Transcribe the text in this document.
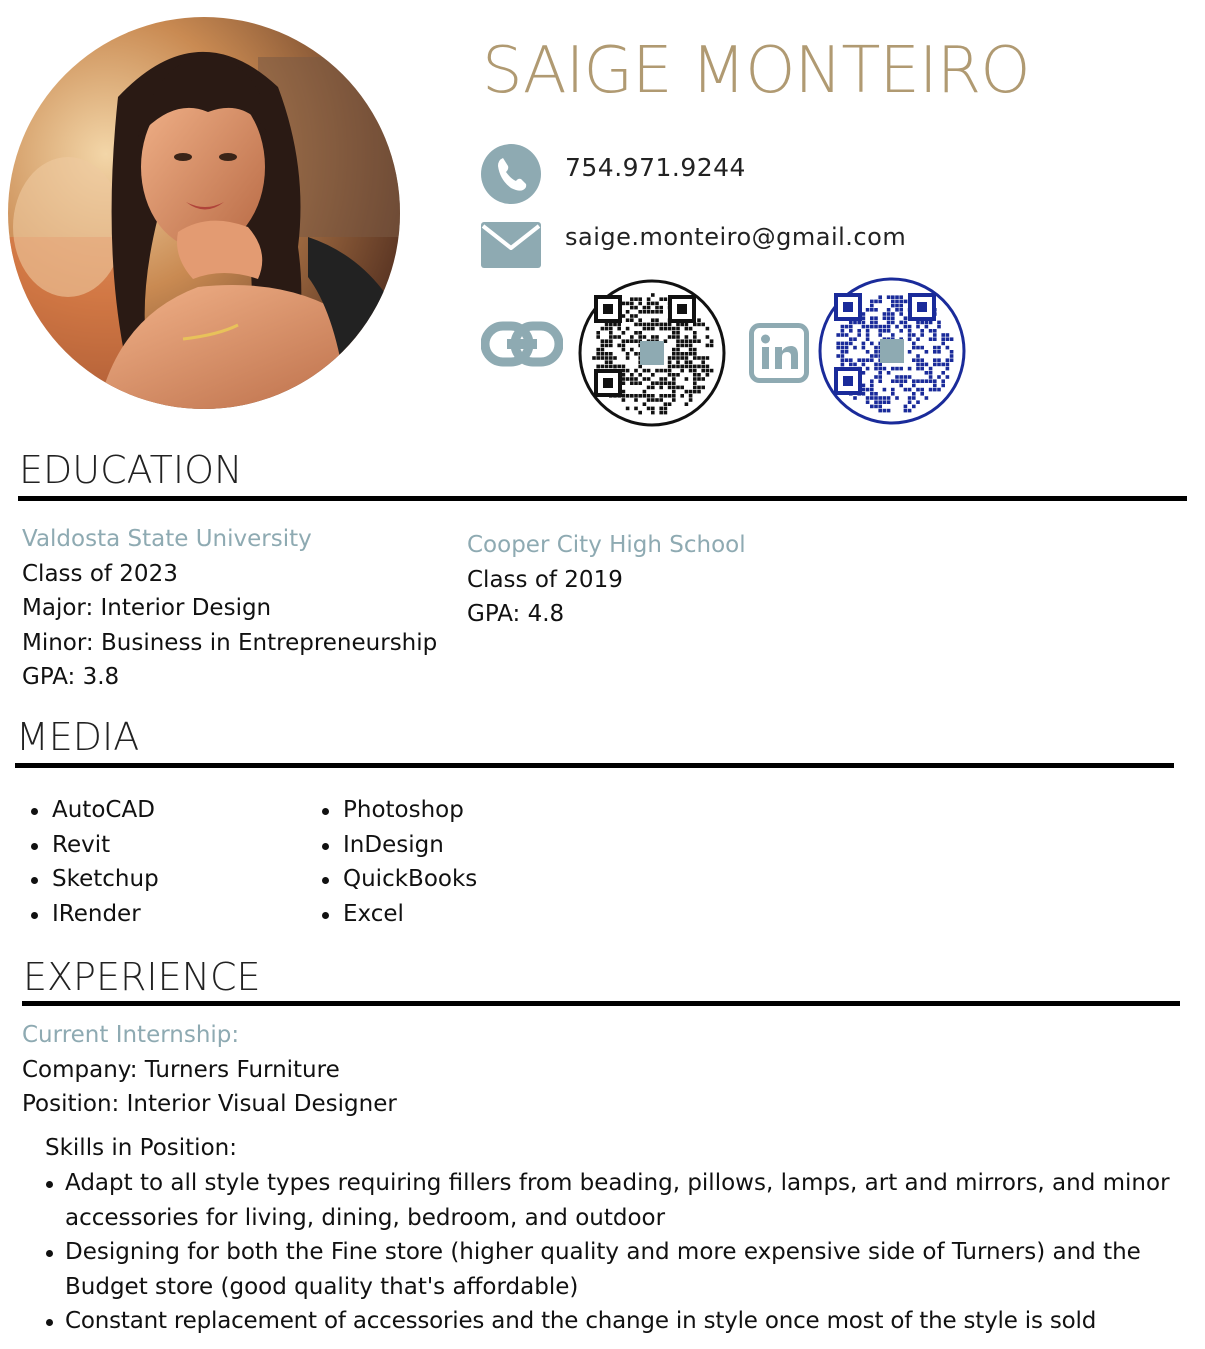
SAIGE MONTEIRO
754.971.9244
saige.monteiro@gmail.com
EDUCATION
Valdosta State University
Class of 2023
Major: Interior Design
Minor: Business in Entrepreneurship
GPA: 3.8
Cooper City High School
Class of 2019
GPA: 4.8
MEDIA
AutoCAD
Revit
Sketchup
IRender
Photoshop
InDesign
QuickBooks
Excel
EXPERIENCE
Current Internship:
Company: Turners Furniture
Position: Interior Visual Designer
Skills in Position:
Adapt to all style types requiring fillers from beading, pillows, lamps, art and mirrors, and minor accessories for living, dining, bedroom, and outdoor
Designing for both the Fine store (higher quality and more expensive side of Turners) and the Budget store (good quality that's affordable)
Constant replacement of accessories and the change in style once most of the style is sold
